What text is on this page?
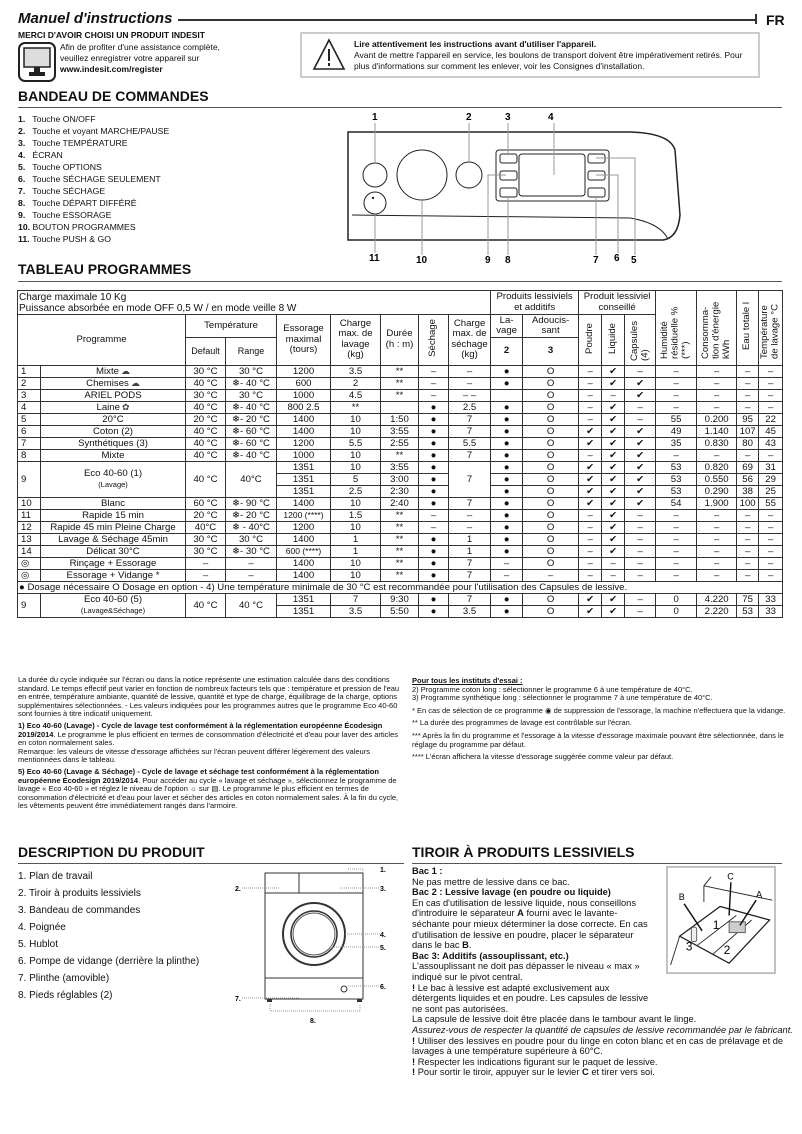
Manuel d'instructions	FR
MERCI D'AVOIR CHOISI UN PRODUIT INDESIT
Afin de profiter d'une assistance complète,
veuillez enregistrer votre appareil sur
www.indesit.com/register
Lire attentivement les instructions avant d'utiliser l'appareil.
Avant de mettre l'appareil en service, les boulons de transport doivent être impérativement retirés. Pour plus d'informations sur comment les enlever, voir les Consignes d'installation.
BANDEAU DE COMMANDES
1. Touche ON/OFF
2. Touche et voyant MARCHE/PAUSE
3. Touche TEMPÉRATURE
4. ÉCRAN
5. Touche OPTIONS
6. Touche SÉCHAGE SEULEMENT
7. Touche SÉCHAGE
8. Touche DÉPART DIFFÉRÉ
9. Touche ESSORAGE
10. BOUTON PROGRAMMES
11. Touche PUSH & GO
1	2	3	4
5
6
7
8
9
10
11
TABLEAU PROGRAMMES
Charge maximale 10 Kg
Puissance absorbée en mode OFF 0,5 W / en mode veille 8 W									Produits lessiviels et additifs		Produit lessiviel conseillé			Humidité résiduelle % (***)	Consomma-tion d'énergie kWh	Eau totale l	Température de lavage °C
Programme		Température		Essorage maximal (tours)	Charge max. de lavage (kg)	Durée (h : m)	Séchage	Charge max. de séchage (kg)	La-vage	Adoucis-sant	Poudre	Liquide	Capsules (4)				
		Default	Range						2	3							
1	Mixte ☁	30 °C	30 °C	1200	3.5	**	–	–	●	O	–	✔	–	–	–	–	–
2	Chemises ☁	40 °C	❄- 40 °C	600	2	**	–	–	●	O	–	✔	✔	–	–	–	–
3	ARIEL PODS	30 °C	30 °C	1000	4.5	**	–	– –		O	–	–	✔	–	–	–	–
4	Laine ✿	40 °C	❄- 40 °C	800 2.5	**		●	2.5	●	O	–	✔	–	–	–	–	–
5	20°C	20 °C	❄- 20 °C	1400	10	1:50	●	7	●	O	–	✔	–	55	0.200	95	22
6	Coton (2)	40 °C	❄- 60 °C	1400	10	3:55	●	7	●	O	✔	✔	✔	49	1.140	107	45
7	Synthétiques (3)	40 °C	❄- 60 °C	1200	5.5	2:55	●	5.5	●	O	✔	✔	✔	35	0.830	80	43
8	Mixte	40 °C	❄- 40 °C	1000	10	**	●	7	●	O	–	✔	✔	–	–	–	–
9	Eco 40-60 (1)
(Lavage)	40 °C	40°C	1351	10	3:55	●	7	●	O	✔	✔	✔	53	0.820	69	31
				1351	5	3:00	●		●	O	✔	✔	✔	53	0.550	56	29
				1351	2.5	2:30	●		●	O	✔	✔	✔	53	0.290	38	25
10	Blanc	60 °C	❄- 90 °C	1400	10	2:40	●	7	●	O	✔	✔	✔	54	1.900	100	55
11	Rapide 15 min	20 °C	❄- 20 °C	1200 (****)	1.5	**	–	–	●	O	–	✔	–	–	–	–	–
12	Rapide 45 min Pleine Charge	40°C	❄ - 40°C	1200	10	**	–	–	●	O	–	✔	–	–	–	–	–
13	Lavage & Séchage 45min	30 °C	30 °C	1400	1	**	●	1	●	O	–	✔	–	–	–	–	–
14	Délicat 30°C	30 °C	❄- 30 °C	600 (****)	1	**	●	1	●	O	–	✔	–	–	–	–	–
◎	Rinçage + Essorage	–	–	1400	10	**	●	7	–	O	–	–	–	–	–	–	–
◎	Essorage + Vidange *	–	–	1400	10	**	●	7	–	–	–	–	–	–	–	–	–
● Dosage nécessaire O Dosage en option - 4) Une température minimale de 30 °C est recommandée pour l'utilisation des Capsules de lessive.																	
9	Eco 40-60 (5)
(Lavage&Séchage)	40 °C	40 °C	1351	7	9:30	●	7	●	O	✔	✔	–	0	4.220	75	33
				1351	3.5	5:50	●	3.5	●	O	✔	✔	–	0	2.220	53	33

La durée du cycle indiquée sur l'écran ou dans la notice représente une estimation calculée dans des conditions standard. Le temps effectif peut varier en fonction de nombreux facteurs tels que : température et pression de l'eau en entrée, température ambiante, quantité de lessive, quantité et type de charge, équilibrage de la charge, options supplémentaires sélectionnées. - Les valeurs indiquées pour les programmes autres que le programme Eco 40-60 sont fournies à titre indicatif uniquement.

1) Eco 40-60 (Lavage) - Cycle de lavage test conformément à la réglementation européenne Écodesign 2019/2014. Le programme le plus efficient en termes de consommation d'électricité et d'eau pour laver des articles en coton normalement sales.
Remarque: les valeurs de vitesse d'essorage affichées sur l'écran peuvent différer légèrement des valeurs mentionnées dans le tableau.

5) Eco 40-60 (Lavage & Séchage) - Cycle de lavage et séchage test conformément à la réglementation européenne Écodesign 2019/2014. Pour accéder au cycle « lavage et séchage », sélectionnez le programme de lavage « Eco 40-60 » et réglez le niveau de l'option ☼ sur ▤. Le programme le plus efficient en termes de consommation d'électricité et d'eau pour laver et sécher des articles en coton normalement sales. À la fin du cycle, les vêtements peuvent être immédiatement rangés dans l'armoire.

Pour tous les instituts d'essai :
2) Programme coton long : sélectionner le programme 6 à une température de 40°C.

3) Programme synthétique long : sélectionner le programme 7 à une température de 40°C.

* En cas de sélection de ce programme ◉ de suppression de l'essorage, la machine n'effectuera que la vidange.

** La durée des programmes de lavage est contrôlable sur l'écran.

*** Après la fin du programme et l'essorage à la vitesse d'essorage maximale pouvant être sélectionnée, dans le réglage du programme par défaut.

**** L'écran affichera la vitesse d'essorage suggérée comme valeur par défaut.

DESCRIPTION DU PRODUIT
1. Plan de travail
2. Tiroir à produits lessiviels
3. Bandeau de commandes
4. Poignée
5. Hublot
6. Pompe de vidange (derrière la plinthe)
7. Plinthe (amovible)
8. Pieds réglables (2)
1.
2.	3.
4.
5.
6.
7.
8.
TIROIR À PRODUITS LESSIVIELS
Bac 1 :
Ne pas mettre de lessive dans ce bac.
Bac 2 : Lessive lavage (en poudre ou liquide)
En cas d'utilisation de lessive liquide, nous conseillons d'introduire le séparateur A fourni avec le lavante-séchante pour mieux déterminer la dose correcte. En cas d'utilisation de lessive en poudre, placer le séparateur dans le bac B.
Bac 3: Additifs (assouplissant, etc.)
L'assouplissant ne doit pas dépasser le niveau « max » indiqué sur le pivot central.
! Le bac à lessive est adapté exclusivement aux détergents liquides et en poudre. Les capsules de lessive ne sont pas autorisées.
La capsule de lessive doit être placée dans le tambour avant le linge.
Assurez-vous de respecter la quantité de capsules de lessive recommandée par le fabricant.
! Utiliser des lessives en poudre pour du linge en coton blanc et en cas de prélavage et de lavages à une température supérieure à 60°C.
! Respecter les indications figurant sur le paquet de lessive.
! Pour sortir le tiroir, appuyer sur le levier C et tirer vers soi.
B
C
A
1
2
3
